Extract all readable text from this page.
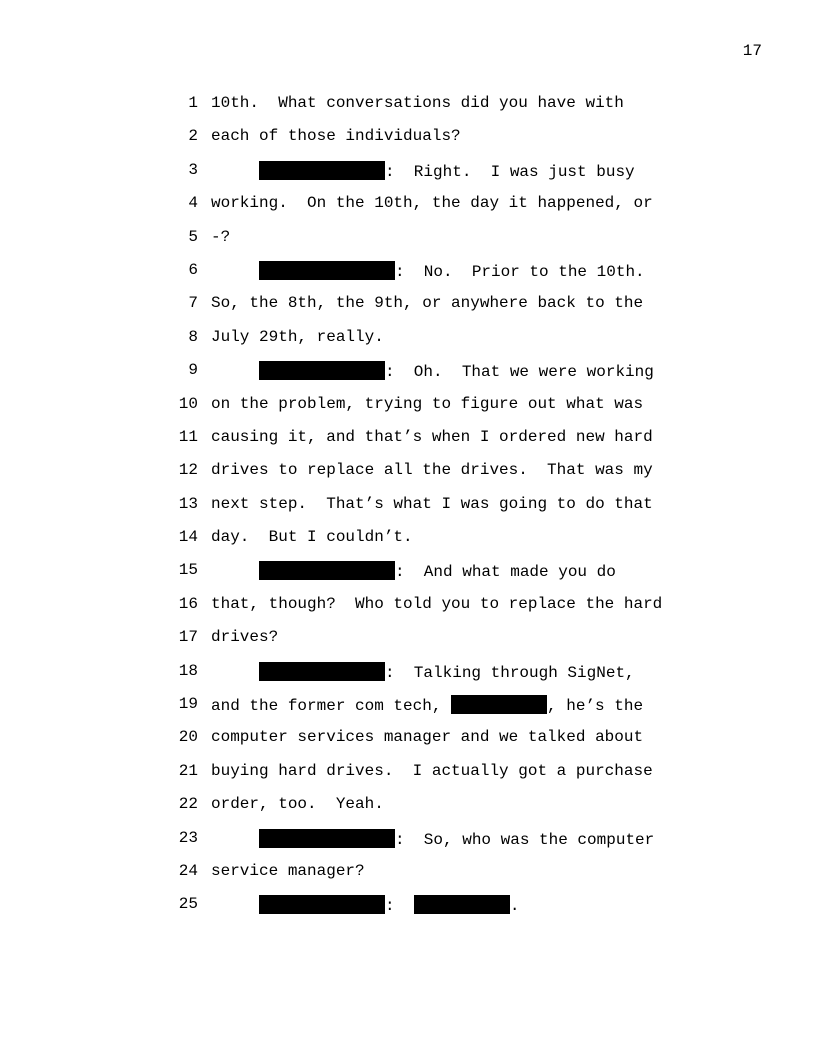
17
1 10th.  What conversations did you have with
2 each of those individuals?
3	:  Right.  I was just busy
4 working.  On the 10th, the day it happened, or
5 -?
6	:  No.  Prior to the 10th.
7 So, the 8th, the 9th, or anywhere back to the
8 July 29th, really.
9	:  Oh.  That we were working
10 on the problem, trying to figure out what was
11 causing it, and that’s when I ordered new hard
12 drives to replace all the drives.  That was my
13 next step.  That’s what I was going to do that
14 day.  But I couldn’t.
15	:  And what made you do
16 that, though?  Who told you to replace the hard
17 drives?
18	:  Talking through SigNet,
19 and the former com tech,	, he’s the
20 computer services manager and we talked about
21 buying hard drives.  I actually got a purchase
22 order, too.  Yeah.
23	:  So, who was the computer
24 service manager?
25	:	.
